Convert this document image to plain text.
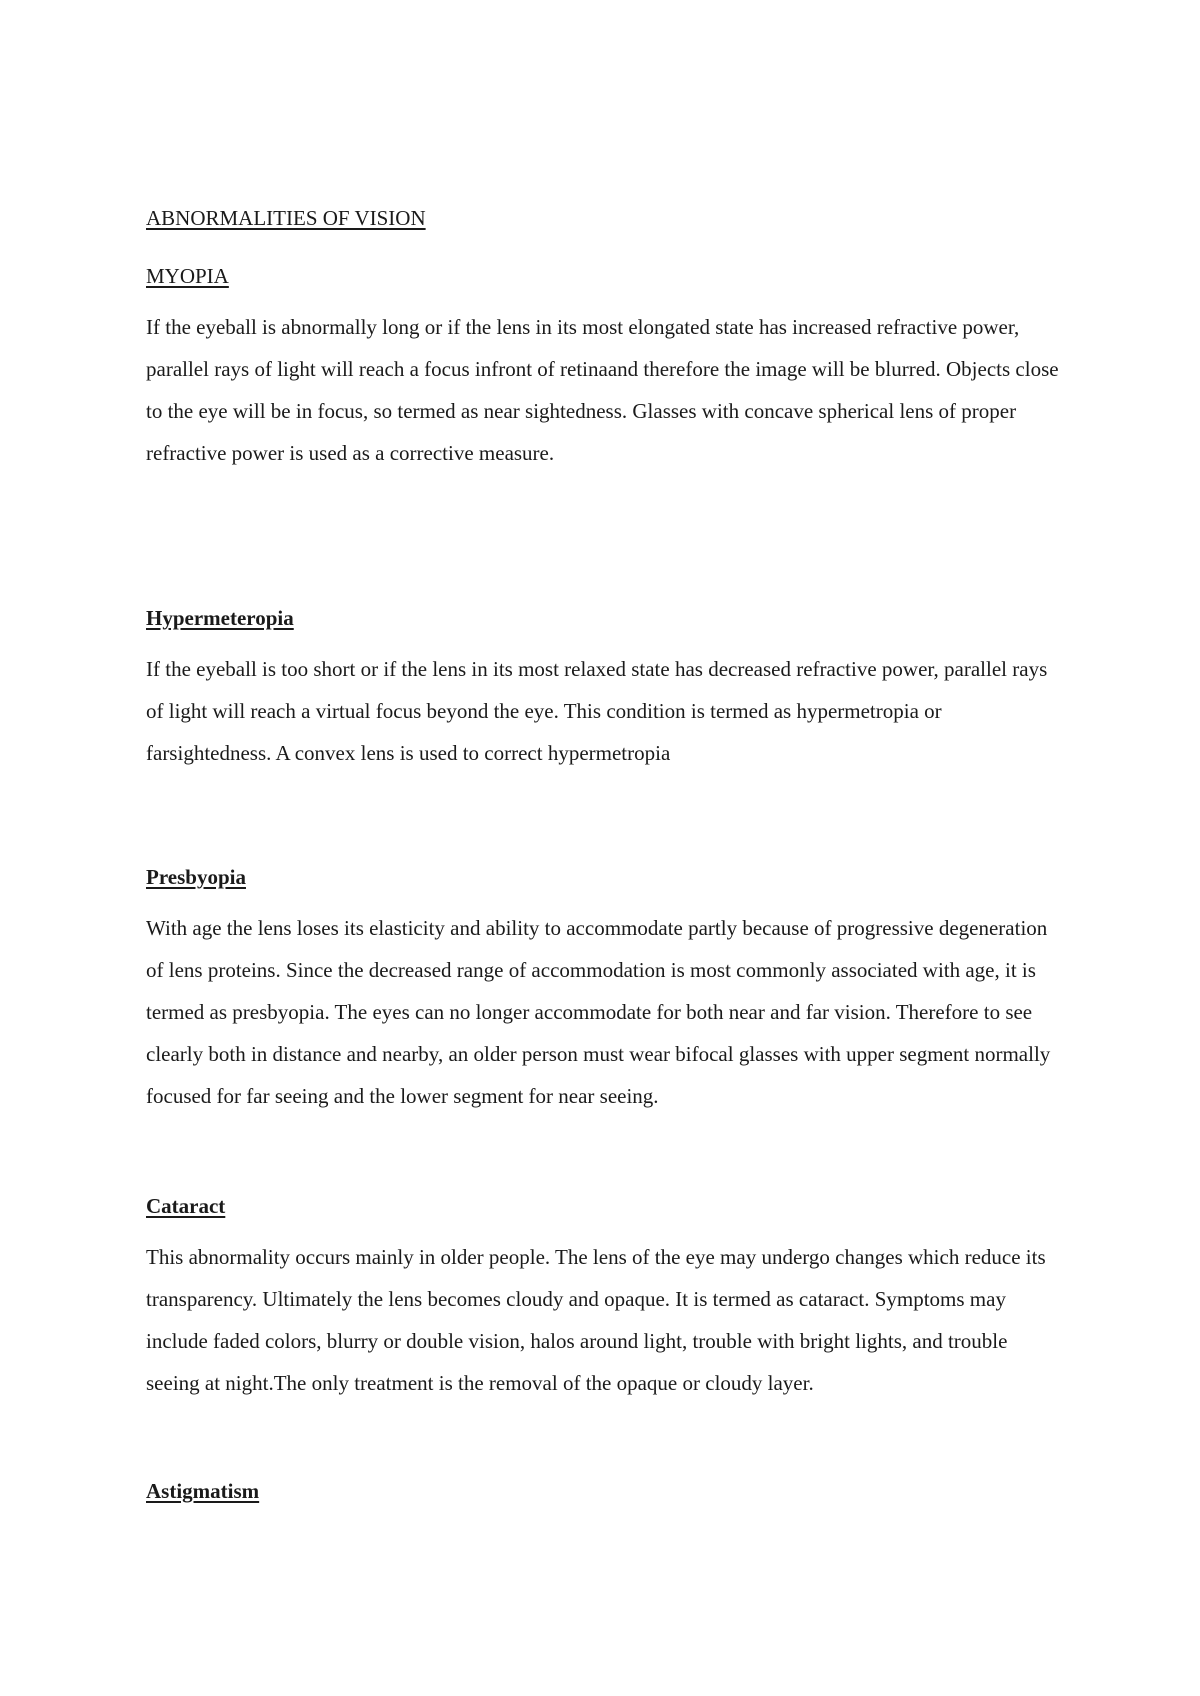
ABNORMALITIES OF VISION
MYOPIA

If the eyeball is abnormally long or if the lens in its most elongated state has increased refractive power, parallel rays of light will reach a focus infront of retinaand therefore the image will be blurred. Objects close to the eye will be in focus, so termed as near sightedness. Glasses with concave spherical lens of proper refractive power is used as a corrective measure.

Hypermeteropia

If the eyeball is too short or if the lens in its most relaxed state has decreased refractive power, parallel rays of light will reach a virtual focus beyond the eye. This condition is termed as hypermetropia or farsightedness. A convex lens is used to correct hypermetropia

Presbyopia

With age the lens loses its elasticity and ability to accommodate partly because of progressive degeneration of lens proteins. Since the decreased range of accommodation is most commonly associated with age, it is termed as presbyopia. The eyes can no longer accommodate for both near and far vision. Therefore to see clearly both in distance and nearby, an older person must wear bifocal glasses with upper segment normally focused for far seeing and the lower segment for near seeing.

Cataract

This abnormality occurs mainly in older people. The lens of the eye may undergo changes which reduce its transparency. Ultimately the lens becomes cloudy and opaque. It is termed as cataract. Symptoms may include faded colors, blurry or double vision, halos around light, trouble with bright lights, and trouble seeing at night.The only treatment is the removal of the opaque or cloudy layer.

Astigmatism
